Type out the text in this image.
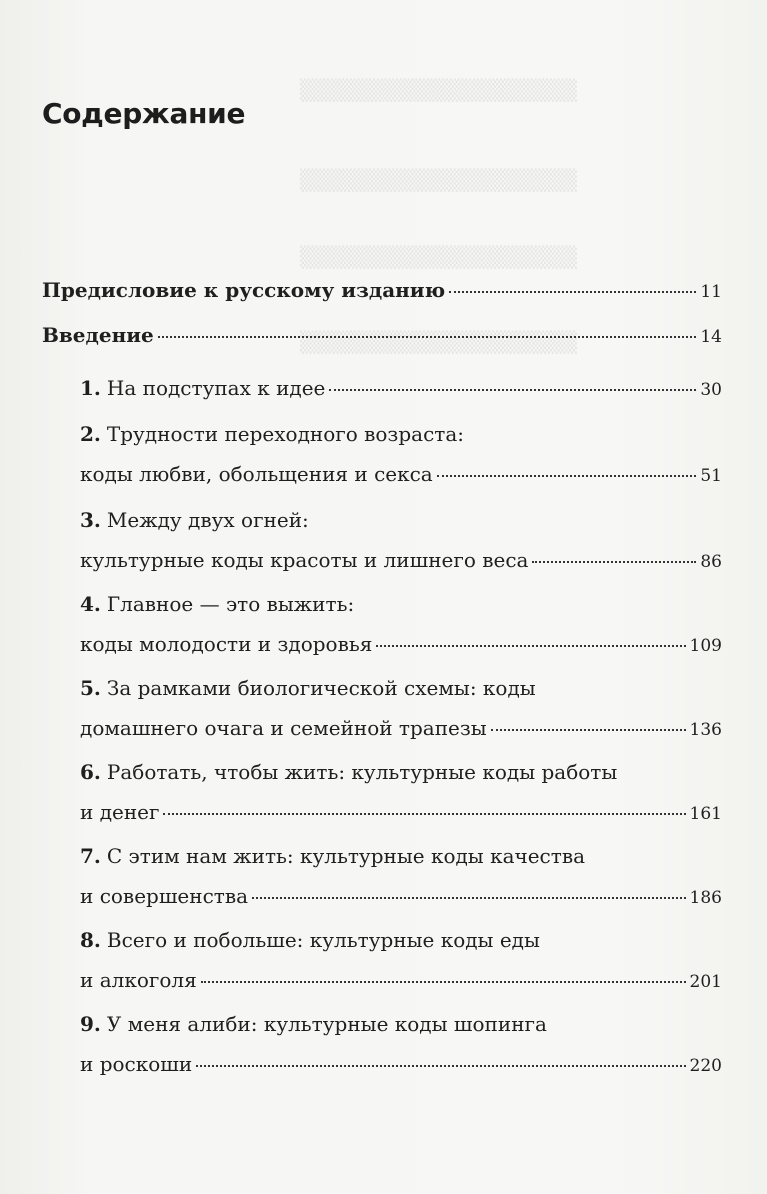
▒▒▒▒▒▒▒▒▒▒▒▒▒▒▒▒▒▒
▒▒▒▒▒▒▒▒▒▒▒▒▒▒▒▒▒▒
▒▒▒▒▒▒▒▒▒▒▒▒▒▒▒▒▒▒
▒▒▒▒▒▒▒▒▒▒▒▒▒▒▒▒▒▒
Содержание
Предисловие к русскому изданию	11
Введение	14
1. На подступах к идее	30
2. Трудности переходного возраста:
коды любви, обольщения и секса	51
3. Между двух огней:
культурные коды красоты и лишнего веса	86
4. Главное — это выжить:
коды молодости и здоровья	109
5. За рамками биологической схемы: коды
домашнего очага и семейной трапезы	136
6. Работать, чтобы жить: культурные коды работы
и денег	161
7. С этим нам жить: культурные коды качества
и совершенства	186
8. Всего и побольше: культурные коды еды
и алкоголя	201
9. У меня алиби: культурные коды шопинга
и роскоши	220
